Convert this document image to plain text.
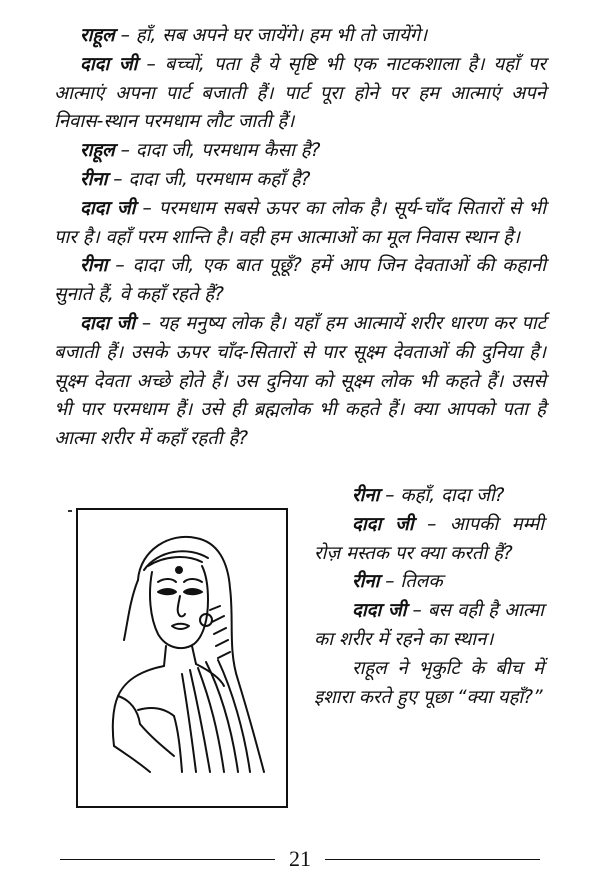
राहूल – हाँ, सब अपने घर जायेंगे। हम भी तो जायेंगे।

दादा जी – बच्चों, पता है ये सृष्टि भी एक नाटकशाला है। यहाँ पर आत्माएं अपना पार्ट बजाती हैं। पार्ट पूरा होने पर हम आत्माएं अपने निवास-स्थान परमधाम लौट जाती हैं।

राहूल – दादा जी, परमधाम कैसा है?

रीना – दादा जी, परमधाम कहाँ है?

दादा जी – परमधाम सबसे ऊपर का लोक है। सूर्य-चाँद सितारों से भी पार है। वहाँ परम शान्ति है। वही हम आत्माओं का मूल निवास स्थान है।

रीना – दादा जी, एक बात पूछूँ? हमें आप जिन देवताओं की कहानी सुनाते हैं, वे कहाँ रहते हैं?

दादा जी – यह मनुष्य लोक है। यहाँ हम आत्मायें शरीर धारण कर पार्ट बजाती हैं। उसके ऊपर चाँद-सितारों से पार सूक्ष्म देवताओं की दुनिया है। सूक्ष्म देवता अच्छे होते हैं। उस दुनिया को सूक्ष्म लोक भी कहते हैं। उससे भी पार परमधाम हैं। उसे ही ब्रह्मलोक भी कहते हैं। क्या आपको पता है आत्मा शरीर में कहाँ रहती है?

रीना – कहाँ, दादा जी?

दादा जी – आपकी मम्मी रोज़ मस्तक पर क्या करती हैं?

रीना – तिलक

दादा जी – बस वही है आत्मा का शरीर में रहने का स्थान।

राहूल ने भृकुटि के बीच में इशारा करते हुए पूछा “क्या यहाँ?”

21
